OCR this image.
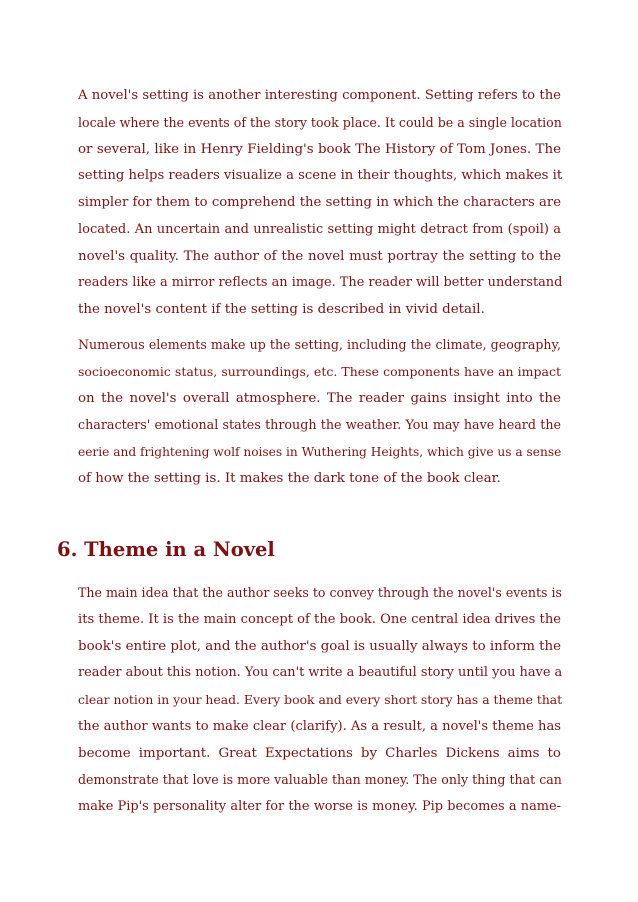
A novel's setting is another interesting component. Setting refers to the
locale where the events of the story took place. It could be a single location
or several, like in Henry Fielding's book The History of Tom Jones. The
setting helps readers visualize a scene in their thoughts, which makes it
simpler for them to comprehend the setting in which the characters are
located. An uncertain and unrealistic setting might detract from (spoil) a
novel's quality. The author of the novel must portray the setting to the
readers like a mirror reflects an image. The reader will better understand
the novel's content if the setting is described in vivid detail.
Numerous elements make up the setting, including the climate, geography,
socioeconomic status, surroundings, etc. These components have an impact
on the novel's overall atmosphere. The reader gains insight into the
characters' emotional states through the weather. You may have heard the
eerie and frightening wolf noises in Wuthering Heights, which give us a sense
of how the setting is. It makes the dark tone of the book clear.
6. Theme in a Novel
The main idea that the author seeks to convey through the novel's events is
its theme. It is the main concept of the book. One central idea drives the
book's entire plot, and the author's goal is usually always to inform the
reader about this notion. You can't write a beautiful story until you have a
clear notion in your head. Every book and every short story has a theme that
the author wants to make clear (clarify). As a result, a novel's theme has
become important. Great Expectations by Charles Dickens aims to
demonstrate that love is more valuable than money. The only thing that can
make Pip's personality alter for the worse is money. Pip becomes a name-
